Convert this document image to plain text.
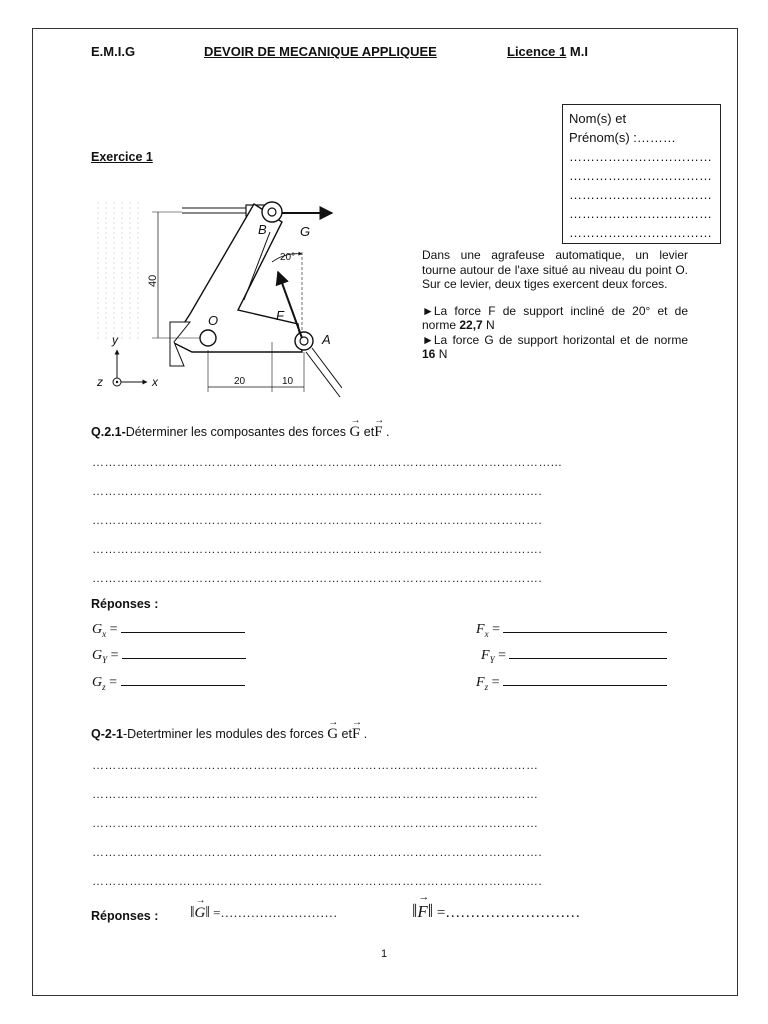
E.M.I.G	DEVOIR DE MECANIQUE APPLIQUEE	Licence 1 M.I
Nom(s) et
Prénom(s) :………
……………………………
……………………………
……………………………
……………………………
……………………………
Exercice 1
B	G
20°
40
O	F
A
y
z	x	20	10

Dans une agrafeuse automatique, un levier tourne autour de l'axe situé au niveau du point O. Sur ce levier, deux tiges exercent deux forces.

►La force F de support incliné de 20° et de norme 22,7 N

►La force G de support horizontal et de norme 16 N

Q.2.1-Déterminer les composantes des forces
→
G et
→
F .
…………………………………………………………………………………………………...
……………………………………………………………………………………………….
……………………………………………………………………………………………….
……………………………………………………………………………………………….
……………………………………………………………………………………………….
Réponses :
$G_x$ =
$G_Y$ =
$G_z$ =
$F_x$ =
$F_Y$ =
$F_z$ =
Q-2-1-Detertminer les modules des forces
→
G et
→
F .
………………………………………………………………………………………………
………………………………………………………………………………………………
………………………………………………………………………………………………
……………………………………………………………………………………………….
……………………………………………………………………………………………….
Réponses : ‖
→
G‖ =………………………	‖
→
F‖ =………………………
1
